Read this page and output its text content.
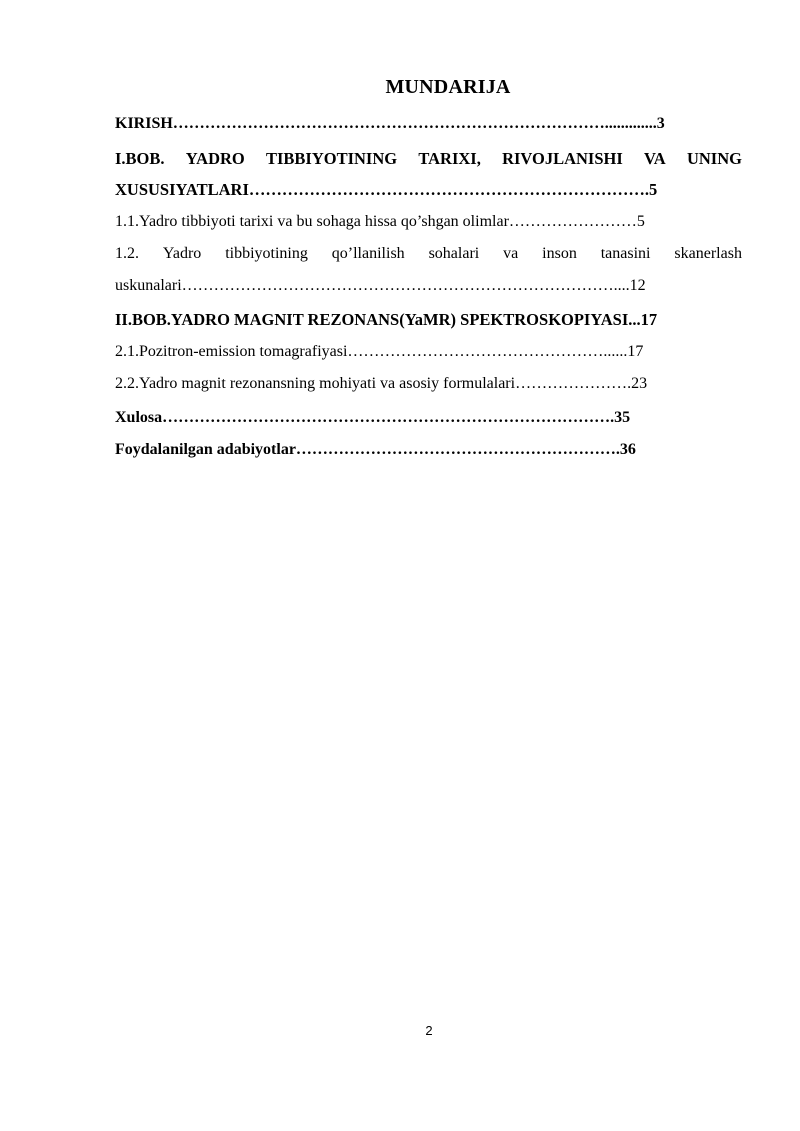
MUNDARIJA
KIRISH……………………………………………………………………….............3
I.BOB. YADRO TIBBIYOTINING TARIXI, RIVOJLANISHI VA UNING
XUSUSIYATLARI……………………………………………………………….5
1.1.Yadro tibbiyoti tarixi va bu sohaga hissa qo’shgan olimlar……………………5
1.2. Yadro tibbiyotining qo’llanilish sohalari va inson tanasini skanerlash
uskunalari………………………………………………………………………....12
II.BOB.YADRO MAGNIT REZONANS(YaMR) SPEKTROSKOPIYASI...17
2.1.Pozitron-emission tomagrafiyasi…………………………………………......17
2.2.Yadro magnit rezonansning mohiyati va asosiy formulalari………………….23
Xulosa………………………………………………………………………….35
Foydalanilgan adabiyotlar…………………………………………………….36
2
